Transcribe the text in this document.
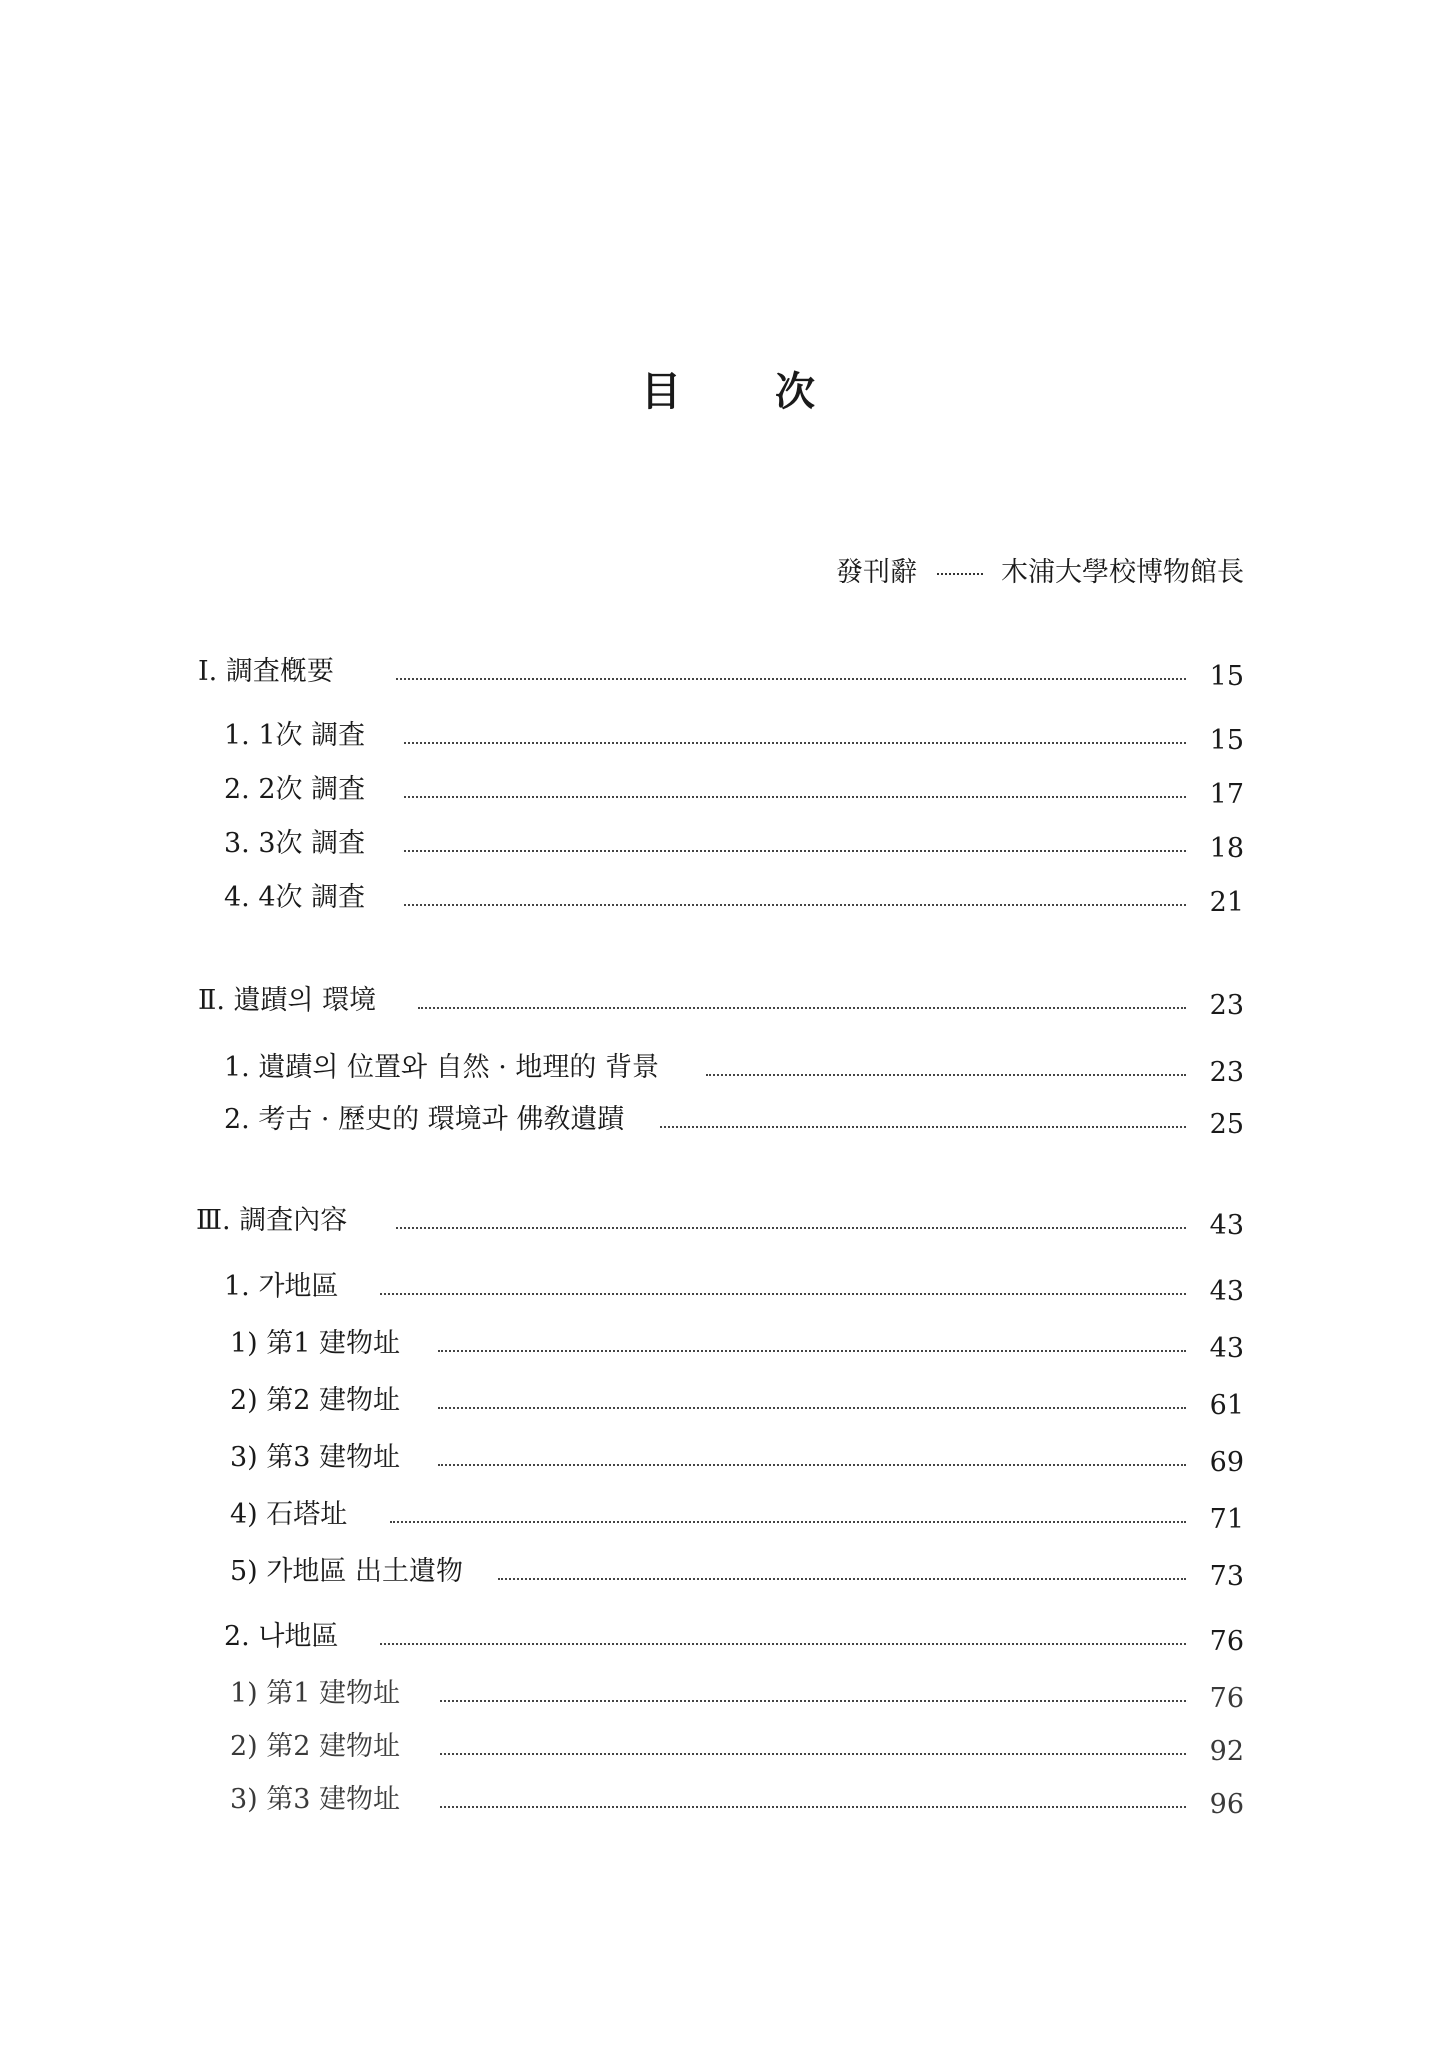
目 次
發刊辭	木浦大學校博物館長
Ⅰ. 調査槪要	15
1. 1次 調査	15
2. 2次 調査	17
3. 3次 調査	18
4. 4次 調査	21
Ⅱ. 遺蹟의 環境	23
1. 遺蹟의 位置와 自然 · 地理的 背景	23
2. 考古 · 歷史的 環境과 佛敎遺蹟	25
Ⅲ. 調査內容	43
1. 가地區	43
1) 第1 建物址	43
2) 第2 建物址	61
3) 第3 建物址	69
4) 石塔址	71
5) 가地區 出土遺物	73
2. 나地區	76
1) 第1 建物址	76
2) 第2 建物址	92
3) 第3 建物址	96
